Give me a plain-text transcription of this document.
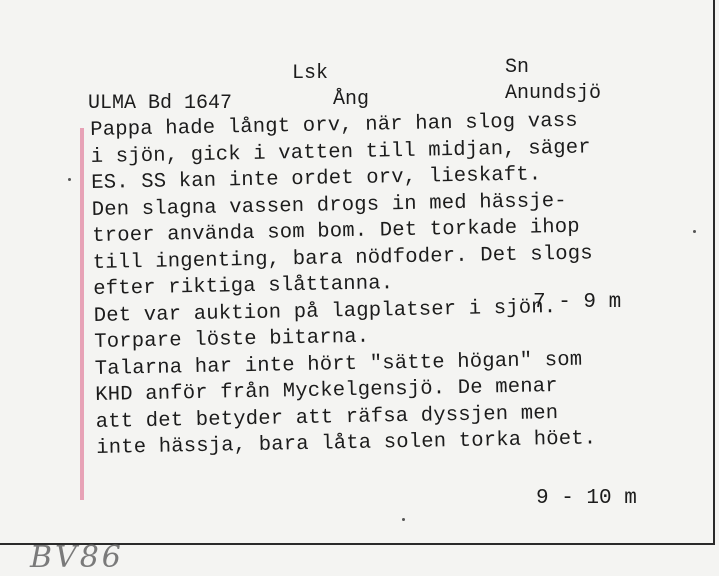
ULMA Bd 1647
Lsk
Ång
Sn
Anundsjö
Pappa hade långt orv, när han slog vass
i sjön, gick i vatten till midjan, säger
ES. SS kan inte ordet orv, lieskaft.
Den slagna vassen drogs in med hässje-
troer använda som bom. Det torkade ihop
till ingenting, bara nödfoder. Det slogs
efter riktiga slåttanna.
Det var auktion på lagplatser i sjön.
Torpare löste bitarna.
Talarna har inte hört "sätte högan" som
KHD anför från Myckelgensjö. De menar
att det betyder att räfsa dyssjen men
inte hässja, bara låta solen torka höet.
7 - 9 m
9 - 10 m
BV86
